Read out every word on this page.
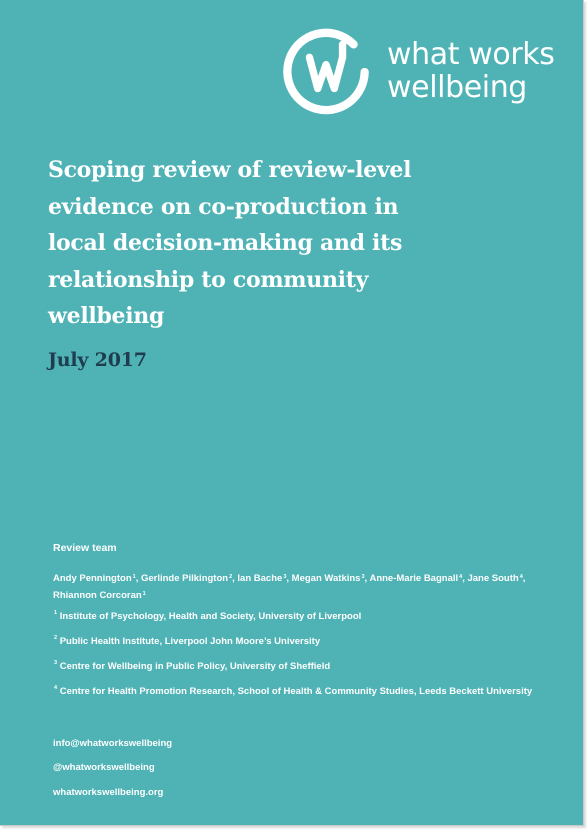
what works
wellbeing
Scoping review of review-level
evidence on co-production in
local decision-making and its
relationship to community
wellbeing
July 2017
Review team
Andy Pennington$^1$, Gerlinde Pilkington$^2$, Ian Bache$^3$, Megan Watkins$^3$, Anne-Marie Bagnall$^4$, Jane South$^4$,
Rhiannon Corcoran$^1$
$^1$ Institute of Psychology, Health and Society, University of Liverpool
$^2$ Public Health Institute, Liverpool John Moore’s University
$^3$ Centre for Wellbeing in Public Policy, University of Sheffield
$^4$ Centre for Health Promotion Research, School of Health & Community Studies, Leeds Beckett University
info@whatworkswellbeing
@whatworkswellbeing
whatworkswellbeing.org
